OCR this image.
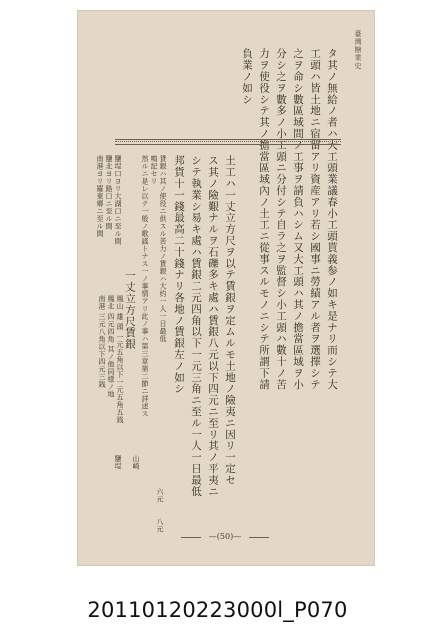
臺灣糖業史
タ其ノ無給ノ者ハ大工頭業議春小工頭貰義参ノ如キ是ナリ而シテ大
工頭ハ皆土地ニ宿留アリ資産アリ若シ國事ニ勞績アル者ヲ選擇シテ
之ヲ命シ數區域間ノ工事ヲ請負ハシム又大工頭ハ其ノ擔當區域ヲ小
分シ之ヲ數多ノ小工頭ニ分付シテ自ラ之ヲ監督シ小工頭ハ數十ノ苦
力ヲ使役シテ其ノ擔當區域內ノ土工ニ從事スルモノニシテ所謂下請
負業ノ如シ
土工ハ一丈立方尺ヲ以テ賃銀ヲ定ムルモ土地ノ險夷ニ因リ一定セ
ス其ノ險艱ナルヲ石礫多キ處ハ賃銀八元以下四元ニ至リ其ノ平夷ニ
シテ執業シ易キ處ハ賃銀二元四角以下一元三角ニ至ル一人一日最低
邦貨十一錢最高二十錢ナリ各地ノ賃銀左ノ如シ
貸銀ハ其ノ使役ニ供スル苦力ノ賃銀ハ大約一人一日最低
鳴記セリ
然ルニ是レ以テ一般ノ歌謠トナス一ノ事情アリ此ノ事ハ第三章第二節ニ詳述ス
一丈立方尺賃銀
鹽埕口ヨリ大湖口ニ至ル間
鹽北ヨリ路口ニ至ル間
南港ヨリ羅東郷ニ至ル間
鳳山 雄 頭 一元五角以下一元五角五銭
鳳北 四元四角 其ノ他同様ノ地
南港 三元八角以下四元三銭
山崎
鹽埕
六元
八元
—(50)—
20110120223000l_P070
